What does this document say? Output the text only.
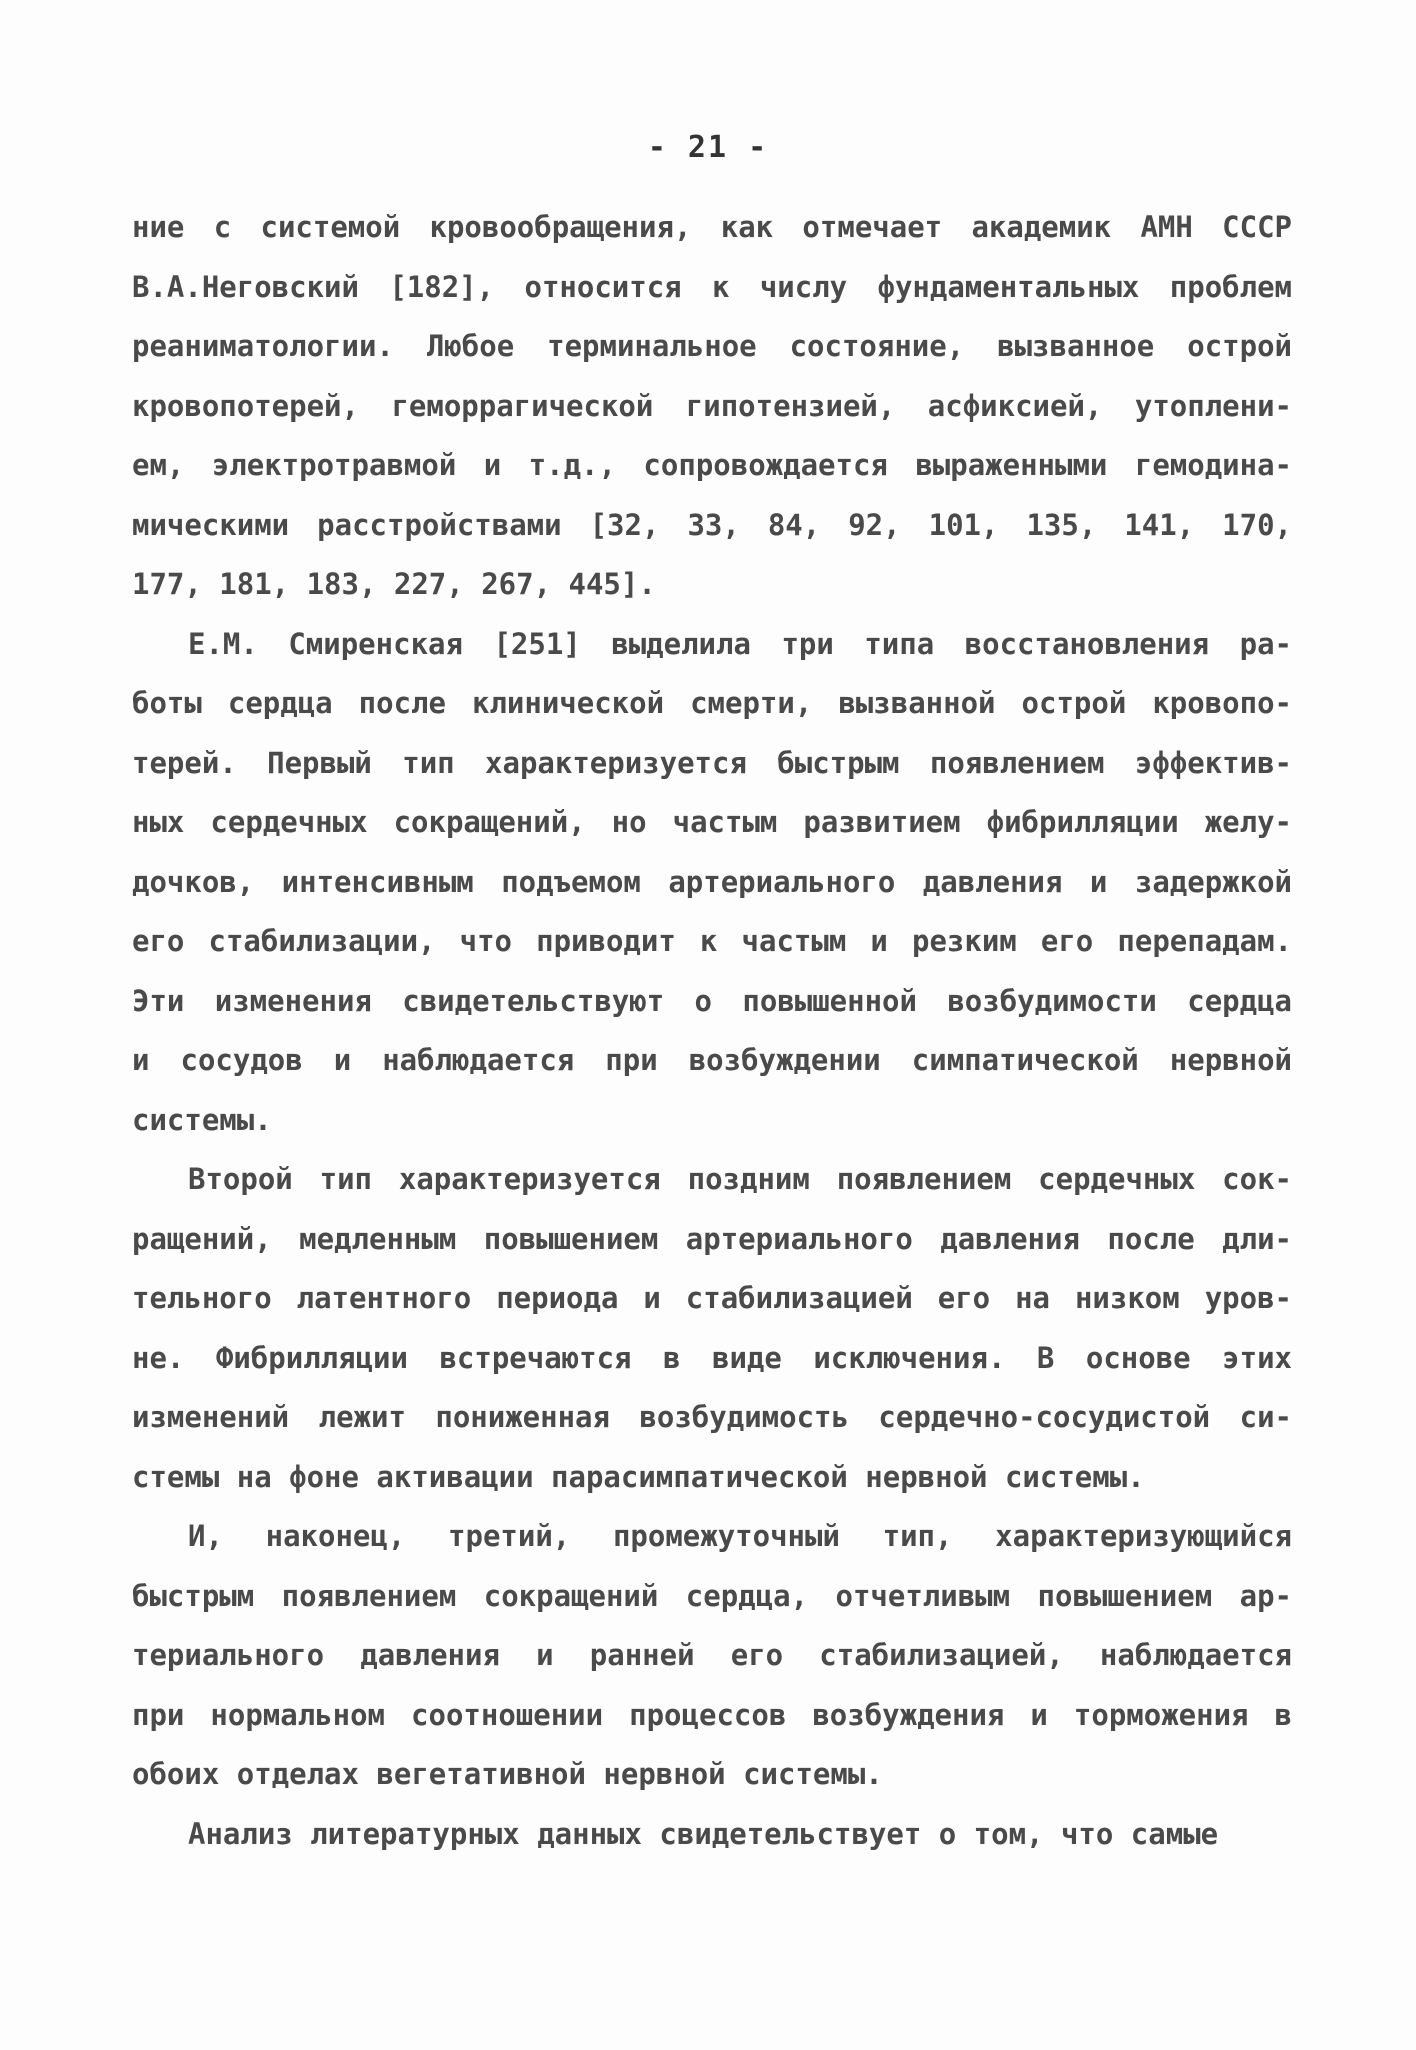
- 21 -
ние с системой кровообращения, как отмечает академик АМН СССР
В.А.Неговский [182], относится к числу фундаментальных проблем
реаниматологии. Любое терминальное состояние, вызванное острой
кровопотерей, геморрагической гипотензией, асфиксией, утоплени-
ем, электротравмой и т.д., сопровождается выраженными гемодина-
мическими расстройствами [32, 33, 84, 92, 101, 135, 141, 170,
177, 181, 183, 227, 267, 445].
Е.М. Смиренская [251] выделила три типа восстановления ра-
боты сердца после клинической смерти, вызванной острой кровопо-
терей. Первый тип характеризуется быстрым появлением эффектив-
ных сердечных сокращений, но частым развитием фибрилляции желу-
дочков, интенсивным подъемом артериального давления и задержкой
его стабилизации, что приводит к частым и резким его перепадам.
Эти изменения свидетельствуют о повышенной возбудимости сердца
и сосудов и наблюдается при возбуждении симпатической нервной
системы.
Второй тип характеризуется поздним появлением сердечных сок-
ращений, медленным повышением артериального давления после дли-
тельного латентного периода и стабилизацией его на низком уров-
не. Фибрилляции встречаются в виде исключения. В основе этих
изменений лежит пониженная возбудимость сердечно-сосудистой си-
стемы на фоне активации парасимпатической нервной системы.
И, наконец, третий, промежуточный тип, характеризующийся
быстрым появлением сокращений сердца, отчетливым повышением ар-
териального давления и ранней его стабилизацией, наблюдается
при нормальном соотношении процессов возбуждения и торможения в
обоих отделах вегетативной нервной системы.
Анализ литературных данных свидетельствует о том, что самые
